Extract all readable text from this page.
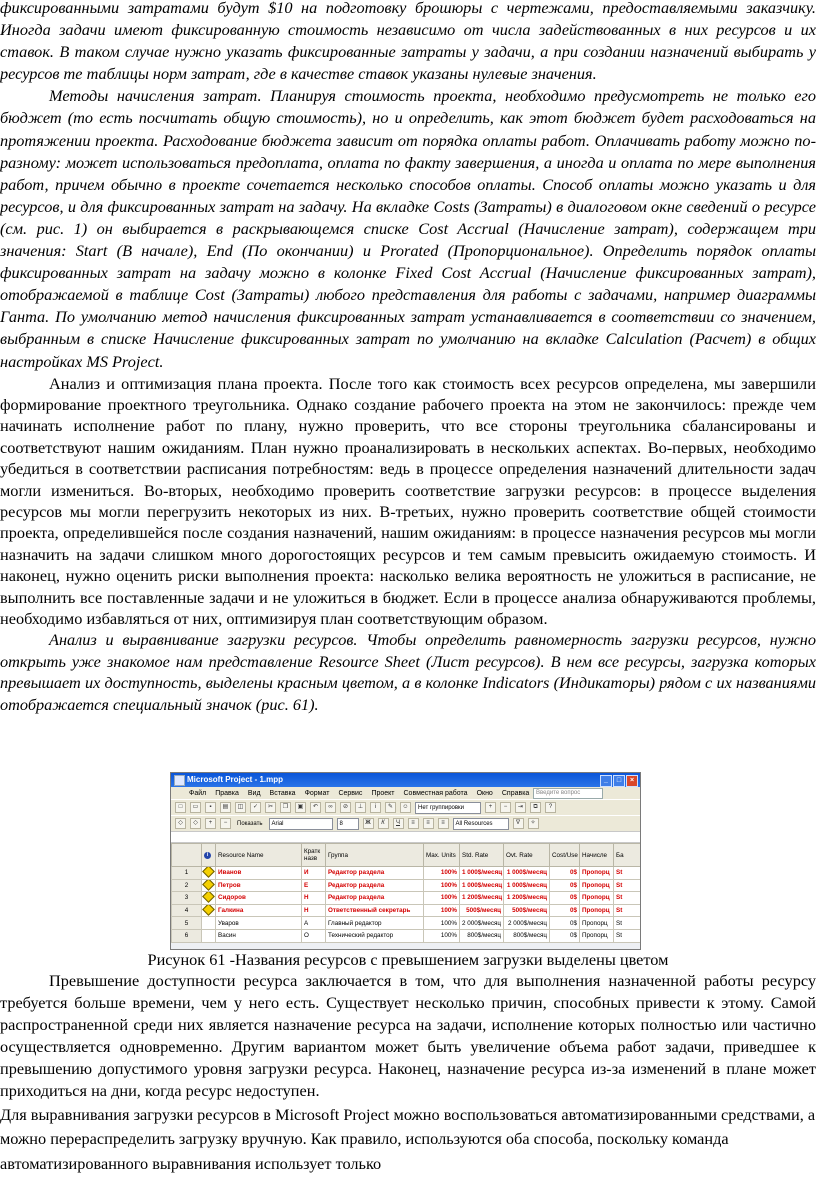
фиксированными затратами будут $10 на подготовку брошюры с чертежами, предоставляемыми заказчику. Иногда задачи имеют фиксированную стоимость независимо от числа задействованных в них ресурсов и их ставок. В таком случае нужно указать фиксированные затраты у задачи, а при создании назначений выбирать у ресурсов те таблицы норм затрат, где в качестве ставок указаны нулевые значения.

Методы начисления затрат. Планируя стоимость проекта, необходимо предусмотреть не только его бюджет (то есть посчитать общую стоимость), но и определить, как этот бюджет будет расходоваться на протяжении проекта. Расходование бюджета зависит от порядка оплаты работ. Оплачивать работу можно по-разному: может использоваться предоплата, оплата по факту завершения, а иногда и оплата по мере выполнения работ, причем обычно в проекте сочетается несколько способов оплаты. Способ оплаты можно указать и для ресурсов, и для фиксированных затрат на задачу. На вкладке Costs (Затраты) в диалоговом окне сведений о ресурсе (см. рис. 1) он выбирается в раскрывающемся списке Cost Accrual (Начисление затрат), содержащем три значения: Start (В начале), End (По окончании) и Prorated (Пропорциональное). Определить порядок оплаты фиксированных затрат на задачу можно в колонке Fixed Cost Accrual (Начисление фиксированных затрат), отображаемой в таблице Cost (Затраты) любого представления для работы с задачами, например диаграммы Ганта. По умолчанию метод начисления фиксированных затрат устанавливается в соответствии со значением, выбранным в списке Начисление фиксированных затрат по умолчанию на вкладке Calculation (Расчет) в общих настройках MS Project.

Анализ и оптимизация плана проекта. После того как стоимость всех ресурсов определена, мы завершили формирование проектного треугольника. Однако создание рабочего проекта на этом не закончилось: прежде чем начинать исполнение работ по плану, нужно проверить, что все стороны треугольника сбалансированы и соответствуют нашим ожиданиям. План нужно проанализировать в нескольких аспектах. Во-первых, необходимо убедиться в соответствии расписания потребностям: ведь в процессе определения назначений длительности задач могли измениться. Во-вторых, необходимо проверить соответствие загрузки ресурсов: в процессе выделения ресурсов мы могли перегрузить некоторых из них. В-третьих, нужно проверить соответствие общей стоимости проекта, определившейся после создания назначений, нашим ожиданиям: в процессе назначения ресурсов мы могли назначить на задачи слишком много дорогостоящих ресурсов и тем самым превысить ожидаемую стоимость. И наконец, нужно оценить риски выполнения проекта: насколько велика вероятность не уложиться в расписание, не выполнить все поставленные задачи и не уложиться в бюджет. Если в процессе анализа обнаруживаются проблемы, необходимо избавляться от них, оптимизируя план соответствующим образом.

Анализ и выравнивание загрузки ресурсов. Чтобы определить равномерность загрузки ресурсов, нужно открыть уже знакомое нам представление Resource Sheet (Лист ресурсов). В нем все ресурсы, загрузка которых превышает их доступность, выделены красным цветом, а в колонке Indicators (Индикаторы) рядом с их названиями отображается специальный значок (рис. 61).

Microsoft Project - 1.mpp	_	□	×
Файл Правка Вид Вставка Формат Сервис Проект Совместная работа Окно Справка	Введите вопрос
□	▭	▪	▤	◫	✓	✂	❐	▣	↶	∞	⊘	⊥	i	✎	☺	Нет группировки	+	−	⇥	⧉	?
◇	◇	+	−	Показать	Arial	8	Ж	К	Ч	≡	≡	≡	All Resources	∇	✧
	i	Resource Name	Кратк назв	Группа	Max. Units	Std. Rate	Ovt. Rate	Cost/Use	Начисле	Ба
1		Иванов	И	Редактор раздела	100%	1 000$/месяц	1 000$/месяц	0$	Пропорц	St
2		Петров	Е	Редактор раздела	100%	1 000$/месяц	1 000$/месяц	0$	Пропорц	St
3		Сидоров	Н	Редактор раздела	100%	1 200$/месяц	1 200$/месяц	0$	Пропорц	St
4		Галкина	Н	Ответственный секретарь	100%	500$/месяц	500$/месяц	0$	Пропорц	St
5		Уваров	А	Главный редактор	100%	2 000$/месяц	2 000$/месяц	0$	Пропорц	St
6		Васин	О	Технический редактор	100%	800$/месяц	800$/месяц	0$	Пропорц	St

Рисунок 61 -Названия ресурсов с превышением загрузки выделены цветом

Превышение доступности ресурса заключается в том, что для выполнения назначенной работы ресурсу требуется больше времени, чем у него есть. Существует несколько причин, способных привести к этому. Самой распространенной среди них является назначение ресурса на задачи, исполнение которых полностью или частично осуществляется одновременно. Другим вариантом может быть увеличение объема работ задачи, приведшее к превышению допустимого уровня загрузки ресурса. Наконец, назначение ресурса из-за изменений в плане может приходиться на дни, когда ресурс недоступен.

Для выравнивания загрузки ресурсов в Microsoft Project можно воспользоваться автоматизированными средствами, а можно перераспределить загрузку вручную. Как правило, используются оба способа, поскольку команда автоматизированного выравнивания использует только
